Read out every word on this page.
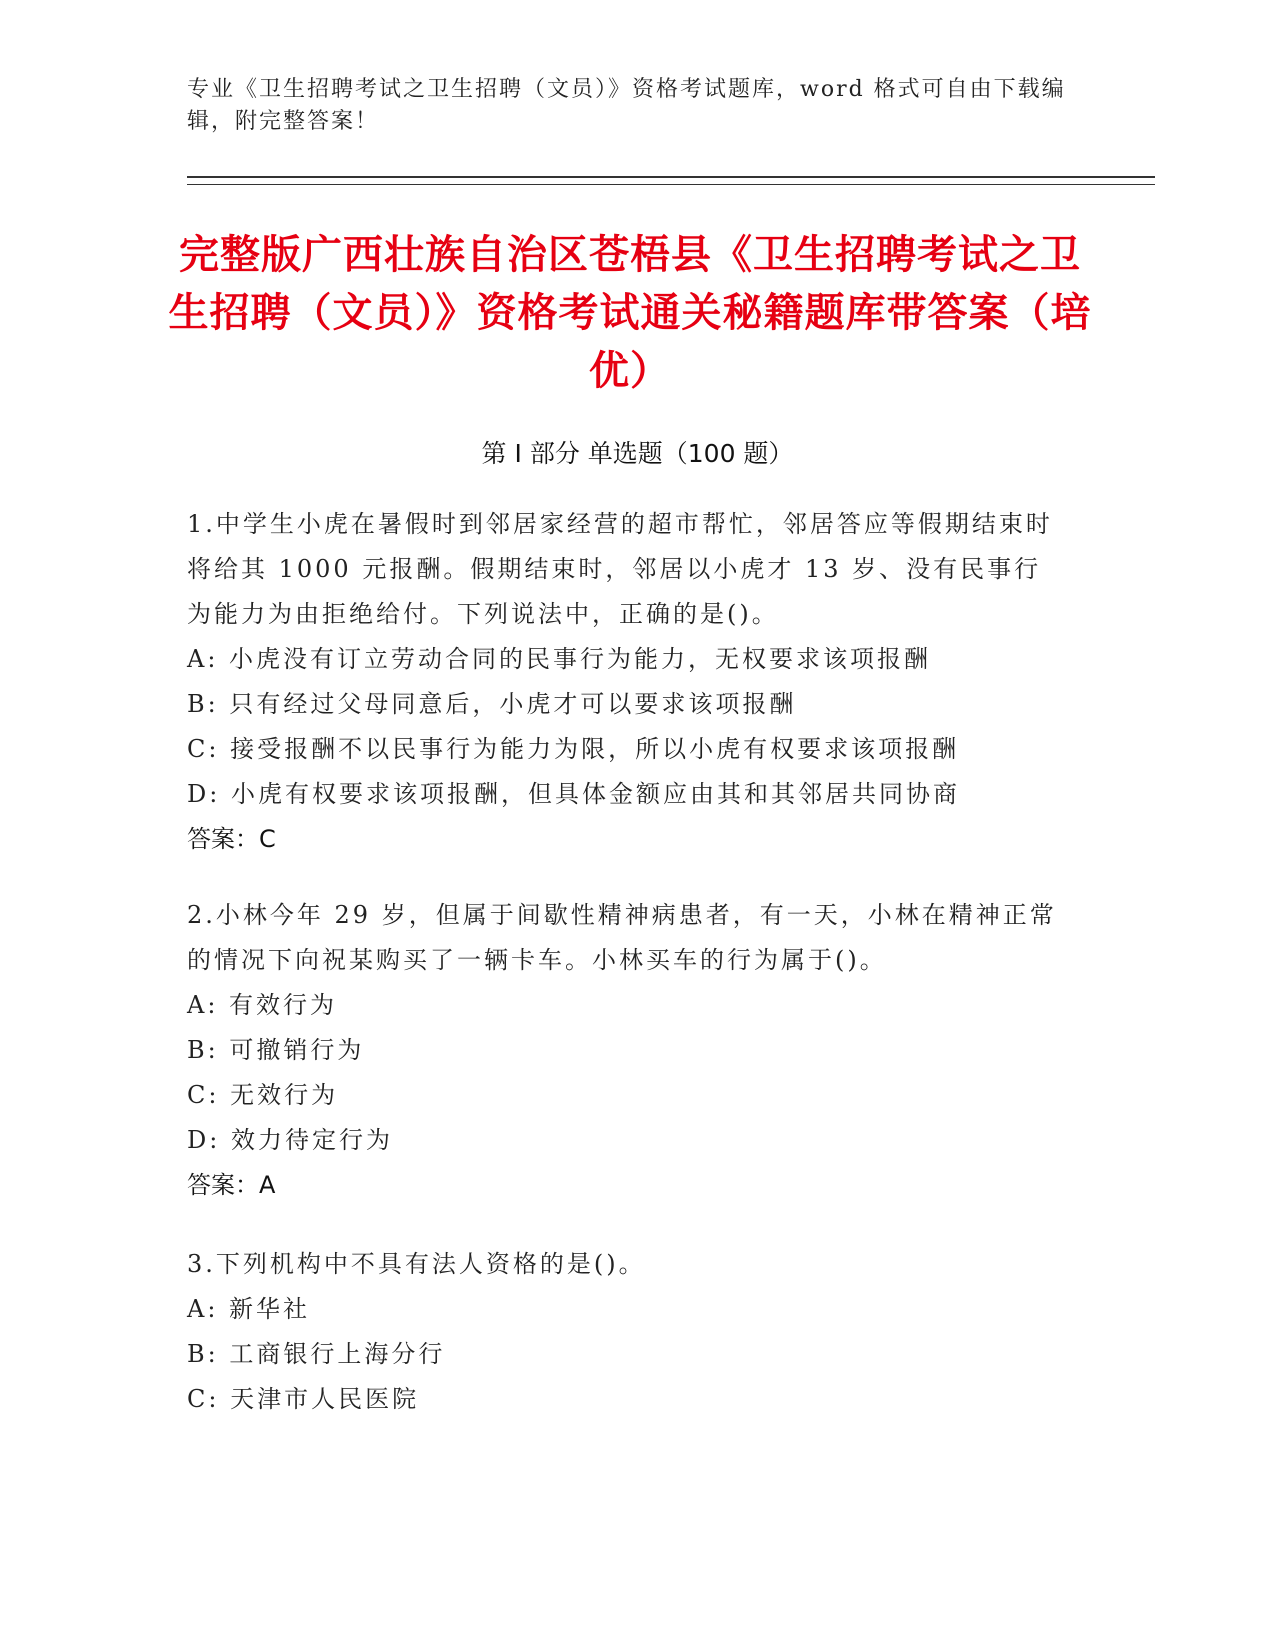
专业《卫生招聘考试之卫生招聘（文员）》资格考试题库，word 格式可自由下载编辑，附完整答案！
完整版广西壮族自治区苍梧县《卫生招聘考试之卫生招聘（文员）》资格考试通关秘籍题库带答案（培优）
第 I 部分 单选题（100 题）

1.中学生小虎在暑假时到邻居家经营的超市帮忙，邻居答应等假期结束时将给其 1000 元报酬。假期结束时，邻居以小虎才 13 岁、没有民事行为能力为由拒绝给付。下列说法中，正确的是()。

A: 小虎没有订立劳动合同的民事行为能力，无权要求该项报酬

B: 只有经过父母同意后，小虎才可以要求该项报酬

C: 接受报酬不以民事行为能力为限，所以小虎有权要求该项报酬

D: 小虎有权要求该项报酬，但具体金额应由其和其邻居共同协商

答案：C

2.小林今年 29 岁，但属于间歇性精神病患者，有一天，小林在精神正常的情况下向祝某购买了一辆卡车。小林买车的行为属于()。

A: 有效行为

B: 可撤销行为

C: 无效行为

D: 效力待定行为

答案：A

3.下列机构中不具有法人资格的是()。

A: 新华社

B: 工商银行上海分行

C: 天津市人民医院
